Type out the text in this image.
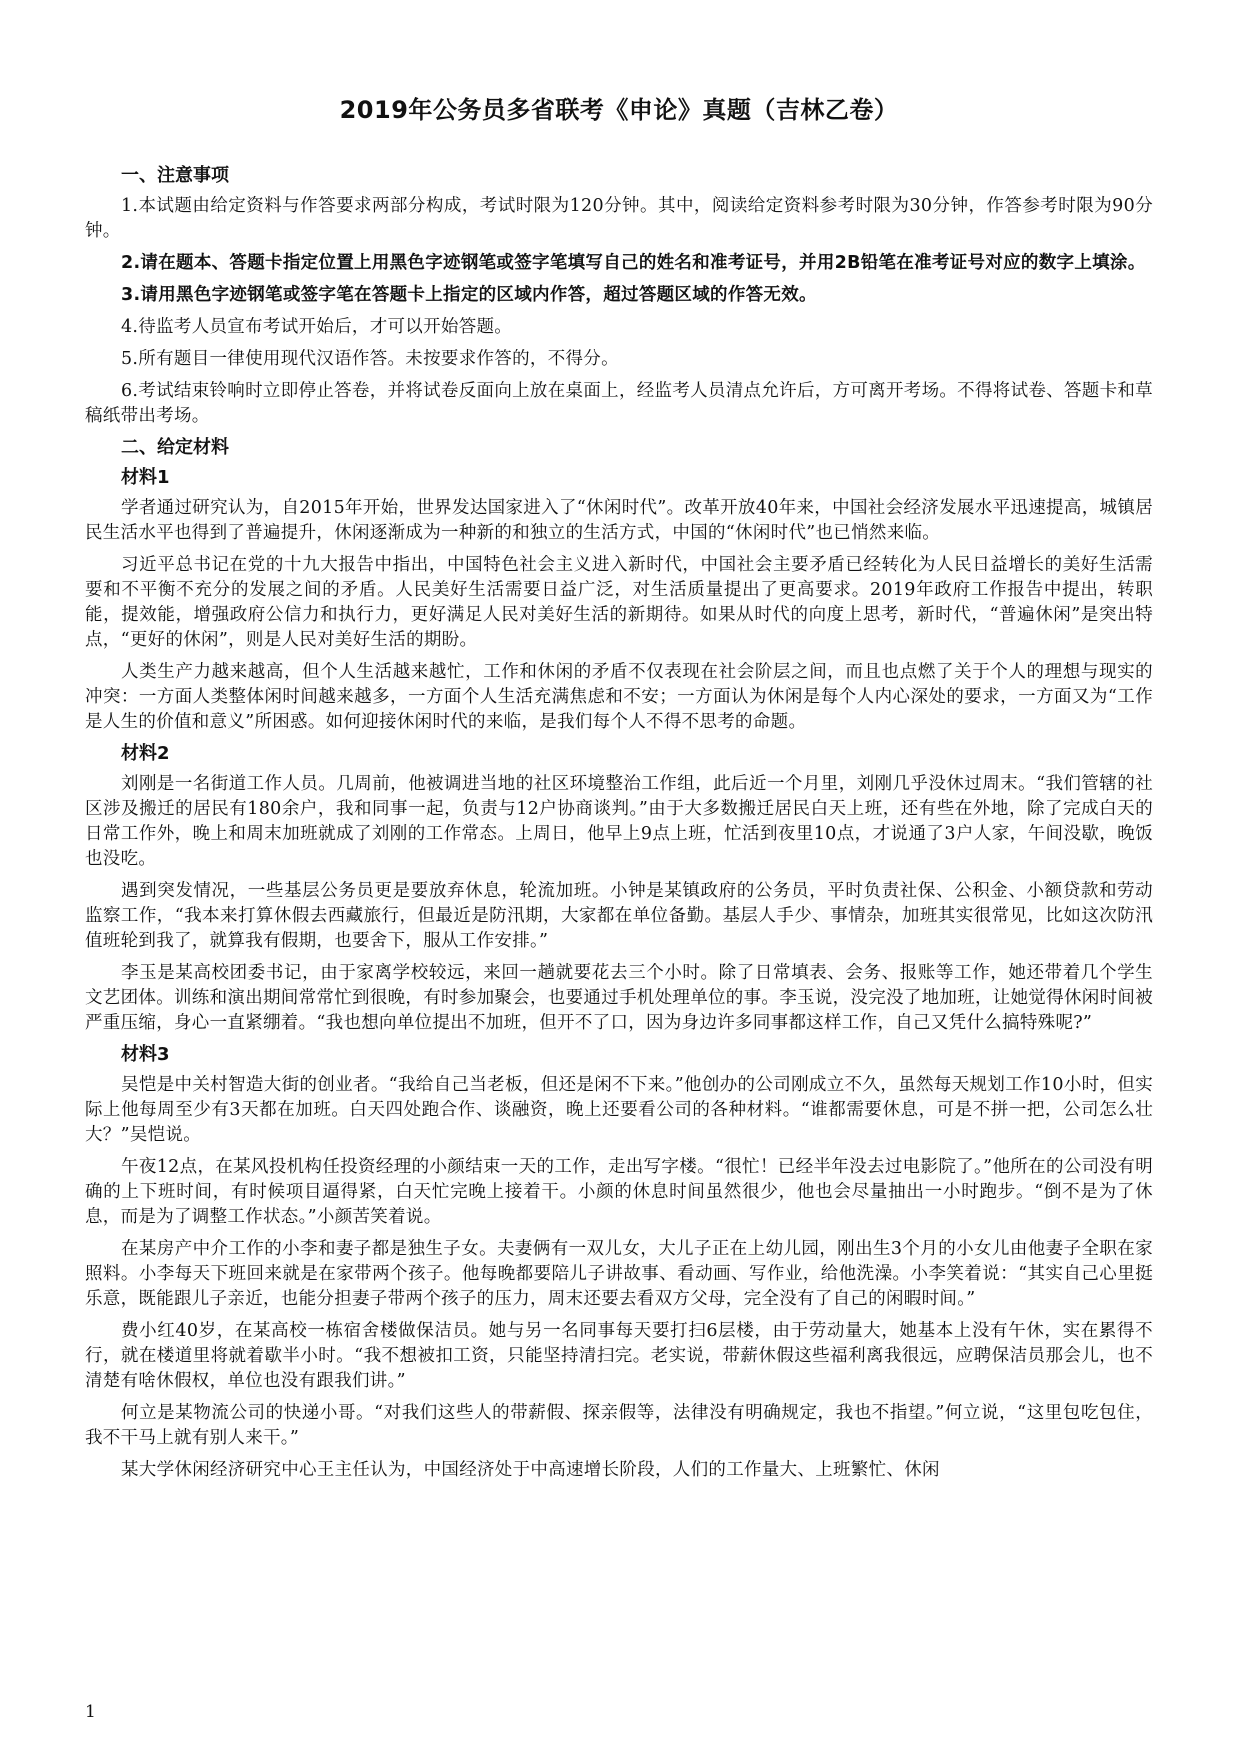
2019年公务员多省联考《申论》真题（吉林乙卷）
一、注意事项

1.本试题由给定资料与作答要求两部分构成，考试时限为120分钟。其中，阅读给定资料参考时限为30分钟，作答参考时限为90分钟。

2.请在题本、答题卡指定位置上用黑色字迹钢笔或签字笔填写自己的姓名和准考证号，并用2B铅笔在准考证号对应的数字上填涂。

3.请用黑色字迹钢笔或签字笔在答题卡上指定的区域内作答，超过答题区域的作答无效。

4.待监考人员宣布考试开始后，才可以开始答题。

5.所有题目一律使用现代汉语作答。未按要求作答的，不得分。

6.考试结束铃响时立即停止答卷，并将试卷反面向上放在桌面上，经监考人员清点允许后，方可离开考场。不得将试卷、答题卡和草稿纸带出考场。

二、给定材料
材料1

学者通过研究认为，自2015年开始，世界发达国家进入了“休闲时代”。改革开放40年来，中国社会经济发展水平迅速提高，城镇居民生活水平也得到了普遍提升，休闲逐渐成为一种新的和独立的生活方式，中国的“休闲时代”也已悄然来临。

习近平总书记在党的十九大报告中指出，中国特色社会主义进入新时代，中国社会主要矛盾已经转化为人民日益增长的美好生活需要和不平衡不充分的发展之间的矛盾。人民美好生活需要日益广泛，对生活质量提出了更高要求。2019年政府工作报告中提出，转职能，提效能，增强政府公信力和执行力，更好满足人民对美好生活的新期待。如果从时代的向度上思考，新时代，“普遍休闲”是突出特点，“更好的休闲”，则是人民对美好生活的期盼。

人类生产力越来越高，但个人生活越来越忙，工作和休闲的矛盾不仅表现在社会阶层之间，而且也点燃了关于个人的理想与现实的冲突：一方面人类整体闲时间越来越多，一方面个人生活充满焦虑和不安；一方面认为休闲是每个人内心深处的要求，一方面又为“工作是人生的价值和意义”所困惑。如何迎接休闲时代的来临，是我们每个人不得不思考的命题。

材料2

刘刚是一名街道工作人员。几周前，他被调进当地的社区环境整治工作组，此后近一个月里，刘刚几乎没休过周末。“我们管辖的社区涉及搬迁的居民有180余户，我和同事一起，负责与12户协商谈判。”由于大多数搬迁居民白天上班，还有些在外地，除了完成白天的日常工作外，晚上和周末加班就成了刘刚的工作常态。上周日，他早上9点上班，忙活到夜里10点，才说通了3户人家，午间没歇，晚饭也没吃。

遇到突发情况，一些基层公务员更是要放弃休息，轮流加班。小钟是某镇政府的公务员，平时负责社保、公积金、小额贷款和劳动监察工作，“我本来打算休假去西藏旅行，但最近是防汛期，大家都在单位备勤。基层人手少、事情杂，加班其实很常见，比如这次防汛值班轮到我了，就算我有假期，也要舍下，服从工作安排。”

李玉是某高校团委书记，由于家离学校较远，来回一趟就要花去三个小时。除了日常填表、会务、报账等工作，她还带着几个学生文艺团体。训练和演出期间常常忙到很晚，有时参加聚会，也要通过手机处理单位的事。李玉说，没完没了地加班，让她觉得休闲时间被严重压缩，身心一直紧绷着。“我也想向单位提出不加班，但开不了口，因为身边许多同事都这样工作，自己又凭什么搞特殊呢?”

材料3

吴恺是中关村智造大街的创业者。“我给自己当老板，但还是闲不下来。”他创办的公司刚成立不久，虽然每天规划工作10小时，但实际上他每周至少有3天都在加班。白天四处跑合作、谈融资，晚上还要看公司的各种材料。“谁都需要休息，可是不拼一把，公司怎么壮大？”吴恺说。

午夜12点，在某风投机构任投资经理的小颜结束一天的工作，走出写字楼。“很忙！已经半年没去过电影院了。”他所在的公司没有明确的上下班时间，有时候项目逼得紧，白天忙完晚上接着干。小颜的休息时间虽然很少，他也会尽量抽出一小时跑步。“倒不是为了休息，而是为了调整工作状态。”小颜苦笑着说。

在某房产中介工作的小李和妻子都是独生子女。夫妻俩有一双儿女，大儿子正在上幼儿园，刚出生3个月的小女儿由他妻子全职在家照料。小李每天下班回来就是在家带两个孩子。他每晚都要陪儿子讲故事、看动画、写作业，给他洗澡。小李笑着说：“其实自己心里挺乐意，既能跟儿子亲近，也能分担妻子带两个孩子的压力，周末还要去看双方父母，完全没有了自己的闲暇时间。”

费小红40岁，在某高校一栋宿舍楼做保洁员。她与另一名同事每天要打扫6层楼，由于劳动量大，她基本上没有午休，实在累得不行，就在楼道里将就着歇半小时。“我不想被扣工资，只能坚持清扫完。老实说，带薪休假这些福利离我很远，应聘保洁员那会儿，也不清楚有啥休假权，单位也没有跟我们讲。”

何立是某物流公司的快递小哥。“对我们这些人的带薪假、探亲假等，法律没有明确规定，我也不指望。”何立说，“这里包吃包住，我不干马上就有别人来干。”

某大学休闲经济研究中心王主任认为，中国经济处于中高速增长阶段，人们的工作量大、上班繁忙、休闲

1
